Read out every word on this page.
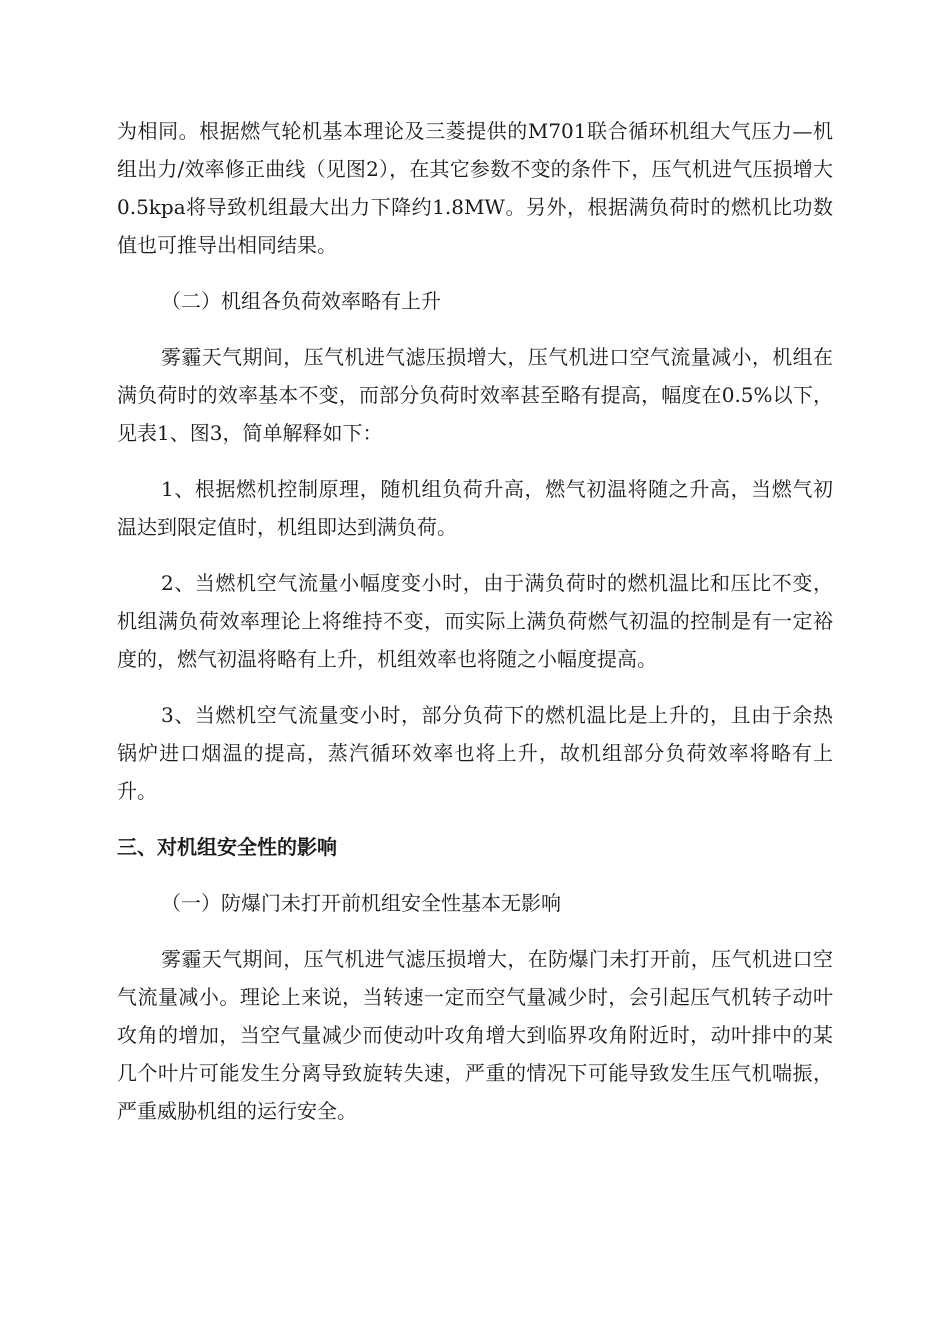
为相同。根据燃气轮机基本理论及三菱提供的M701联合循环机组大气压力—机组出力/效率修正曲线（见图2），在其它参数不变的条件下，压气机进气压损增大0.5kpa将导致机组最大出力下降约1.8MW。另外，根据满负荷时的燃机比功数值也可推导出相同结果。

（二）机组各负荷效率略有上升

雾霾天气期间，压气机进气滤压损增大，压气机进口空气流量减小，机组在满负荷时的效率基本不变，而部分负荷时效率甚至略有提高，幅度在0.5%以下，见表1、图3，简单解释如下：

1、根据燃机控制原理，随机组负荷升高，燃气初温将随之升高，当燃气初温达到限定值时，机组即达到满负荷。

2、当燃机空气流量小幅度变小时，由于满负荷时的燃机温比和压比不变，机组满负荷效率理论上将维持不变，而实际上满负荷燃气初温的控制是有一定裕度的，燃气初温将略有上升，机组效率也将随之小幅度提高。

3、当燃机空气流量变小时，部分负荷下的燃机温比是上升的，且由于余热锅炉进口烟温的提高，蒸汽循环效率也将上升，故机组部分负荷效率将略有上升。

三、对机组安全性的影响

（一）防爆门未打开前机组安全性基本无影响

雾霾天气期间，压气机进气滤压损增大，在防爆门未打开前，压气机进口空气流量减小。理论上来说，当转速一定而空气量减少时，会引起压气机转子动叶攻角的增加，当空气量减少而使动叶攻角增大到临界攻角附近时，动叶排中的某几个叶片可能发生分离导致旋转失速，严重的情况下可能导致发生压气机喘振，严重威胁机组的运行安全。
